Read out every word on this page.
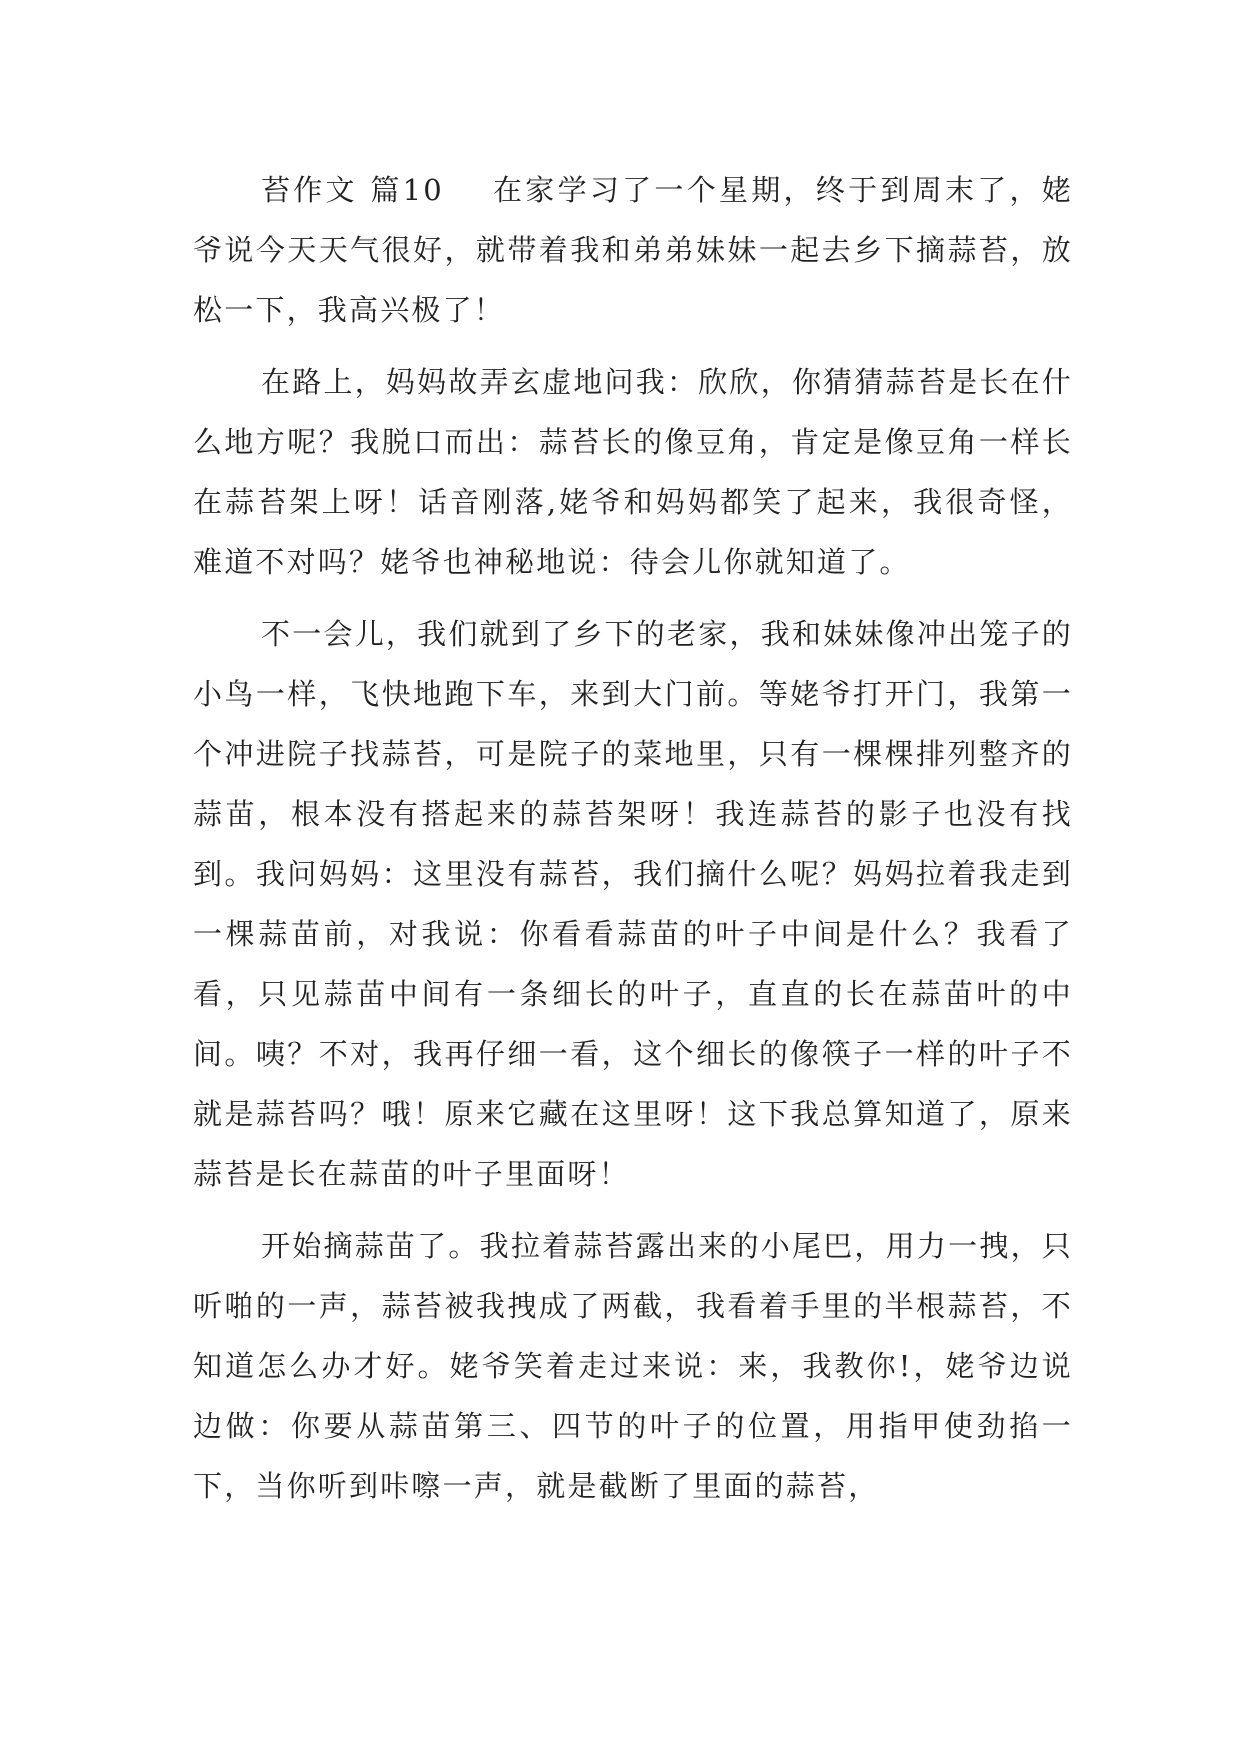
苔作文 篇10 在家学习了一个星期，终于到周末了，姥爷说今天天气很好，就带着我和弟弟妹妹一起去乡下摘蒜苔，放松一下，我高兴极了！

在路上，妈妈故弄玄虚地问我：欣欣，你猜猜蒜苔是长在什么地方呢？我脱口而出：蒜苔长的像豆角，肯定是像豆角一样长在蒜苔架上呀！话音刚落,姥爷和妈妈都笑了起来，我很奇怪，难道不对吗？姥爷也神秘地说：待会儿你就知道了。

不一会儿，我们就到了乡下的老家，我和妹妹像冲出笼子的小鸟一样，飞快地跑下车，来到大门前。等姥爷打开门，我第一个冲进院子找蒜苔，可是院子的菜地里，只有一棵棵排列整齐的蒜苗，根本没有搭起来的蒜苔架呀！我连蒜苔的影子也没有找到。我问妈妈：这里没有蒜苔，我们摘什么呢？妈妈拉着我走到一棵蒜苗前，对我说：你看看蒜苗的叶子中间是什么？我看了看，只见蒜苗中间有一条细长的叶子，直直的长在蒜苗叶的中间。咦？不对，我再仔细一看，这个细长的像筷子一样的叶子不就是蒜苔吗？哦！原来它藏在这里呀！这下我总算知道了，原来蒜苔是长在蒜苗的叶子里面呀！

开始摘蒜苗了。我拉着蒜苔露出来的小尾巴，用力一拽，只听啪的一声，蒜苔被我拽成了两截，我看着手里的半根蒜苔，不知道怎么办才好。姥爷笑着走过来说：来，我教你!，姥爷边说边做：你要从蒜苗第三、四节的叶子的位置，用指甲使劲掐一下，当你听到咔嚓一声，就是截断了里面的蒜苔，
